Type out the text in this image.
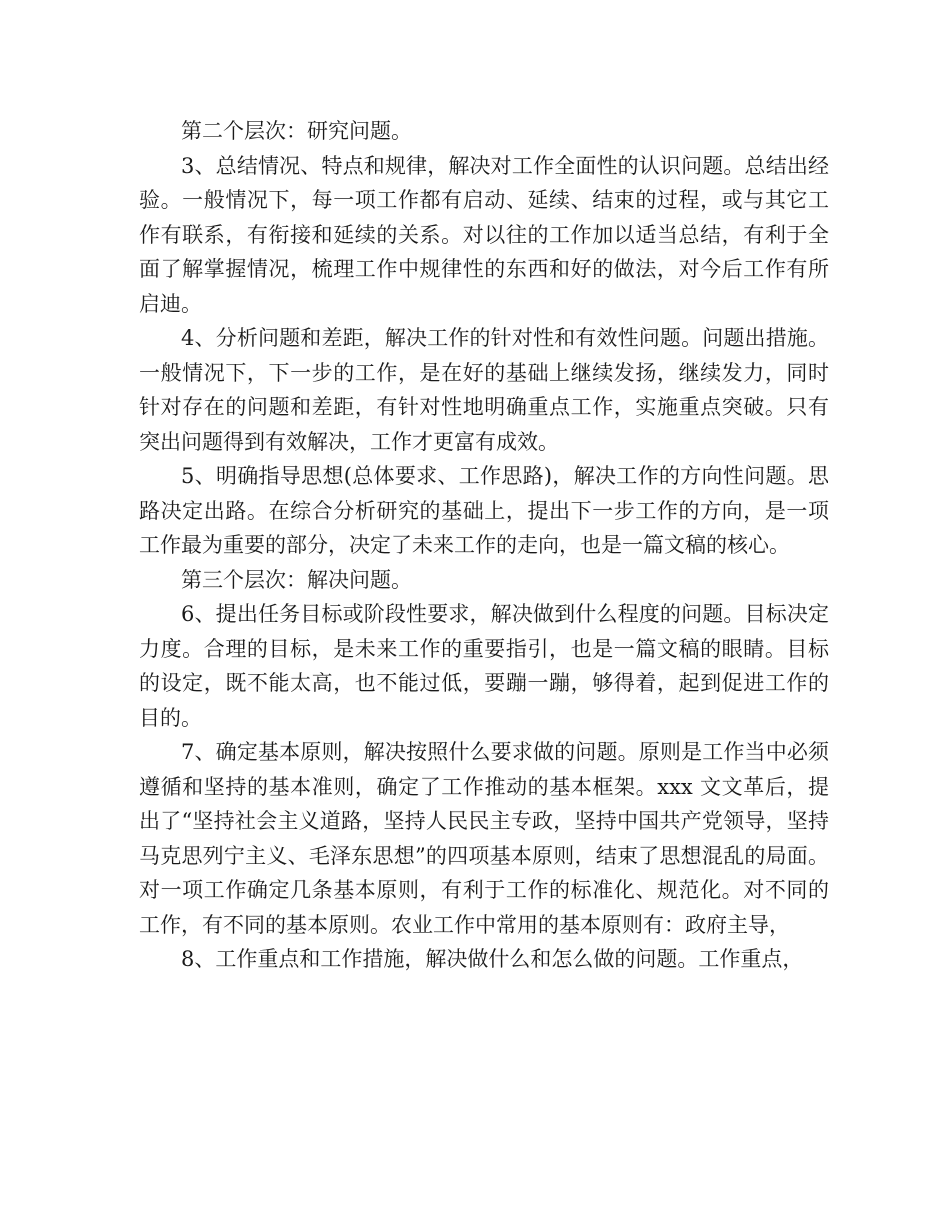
第二个层次：研究问题。

3、总结情况、特点和规律，解决对工作全面性的认识问题。总结出经验。一般情况下，每一项工作都有启动、延续、结束的过程，或与其它工作有联系，有衔接和延续的关系。对以往的工作加以适当总结，有利于全面了解掌握情况，梳理工作中规律性的东西和好的做法，对今后工作有所启迪。

4、分析问题和差距，解决工作的针对性和有效性问题。问题出措施。一般情况下，下一步的工作，是在好的基础上继续发扬，继续发力，同时针对存在的问题和差距，有针对性地明确重点工作，实施重点突破。只有突出问题得到有效解决，工作才更富有成效。

5、明确指导思想(总体要求、工作思路)，解决工作的方向性问题。思路决定出路。在综合分析研究的基础上，提出下一步工作的方向，是一项工作最为重要的部分，决定了未来工作的走向，也是一篇文稿的核心。

第三个层次：解决问题。

6、提出任务目标或阶段性要求，解决做到什么程度的问题。目标决定力度。合理的目标，是未来工作的重要指引，也是一篇文稿的眼睛。目标的设定，既不能太高，也不能过低，要蹦一蹦，够得着，起到促进工作的目的。

7、确定基本原则，解决按照什么要求做的问题。原则是工作当中必须遵循和坚持的基本准则，确定了工作推动的基本框架。xxx 文文革后，提出了“坚持社会主义道路，坚持人民民主专政，坚持中国共产党领导，坚持马克思列宁主义、毛泽东思想”的四项基本原则，结束了思想混乱的局面。对一项工作确定几条基本原则，有利于工作的标准化、规范化。对不同的工作，有不同的基本原则。农业工作中常用的基本原则有：政府主导，

8、工作重点和工作措施，解决做什么和怎么做的问题。工作重点，
